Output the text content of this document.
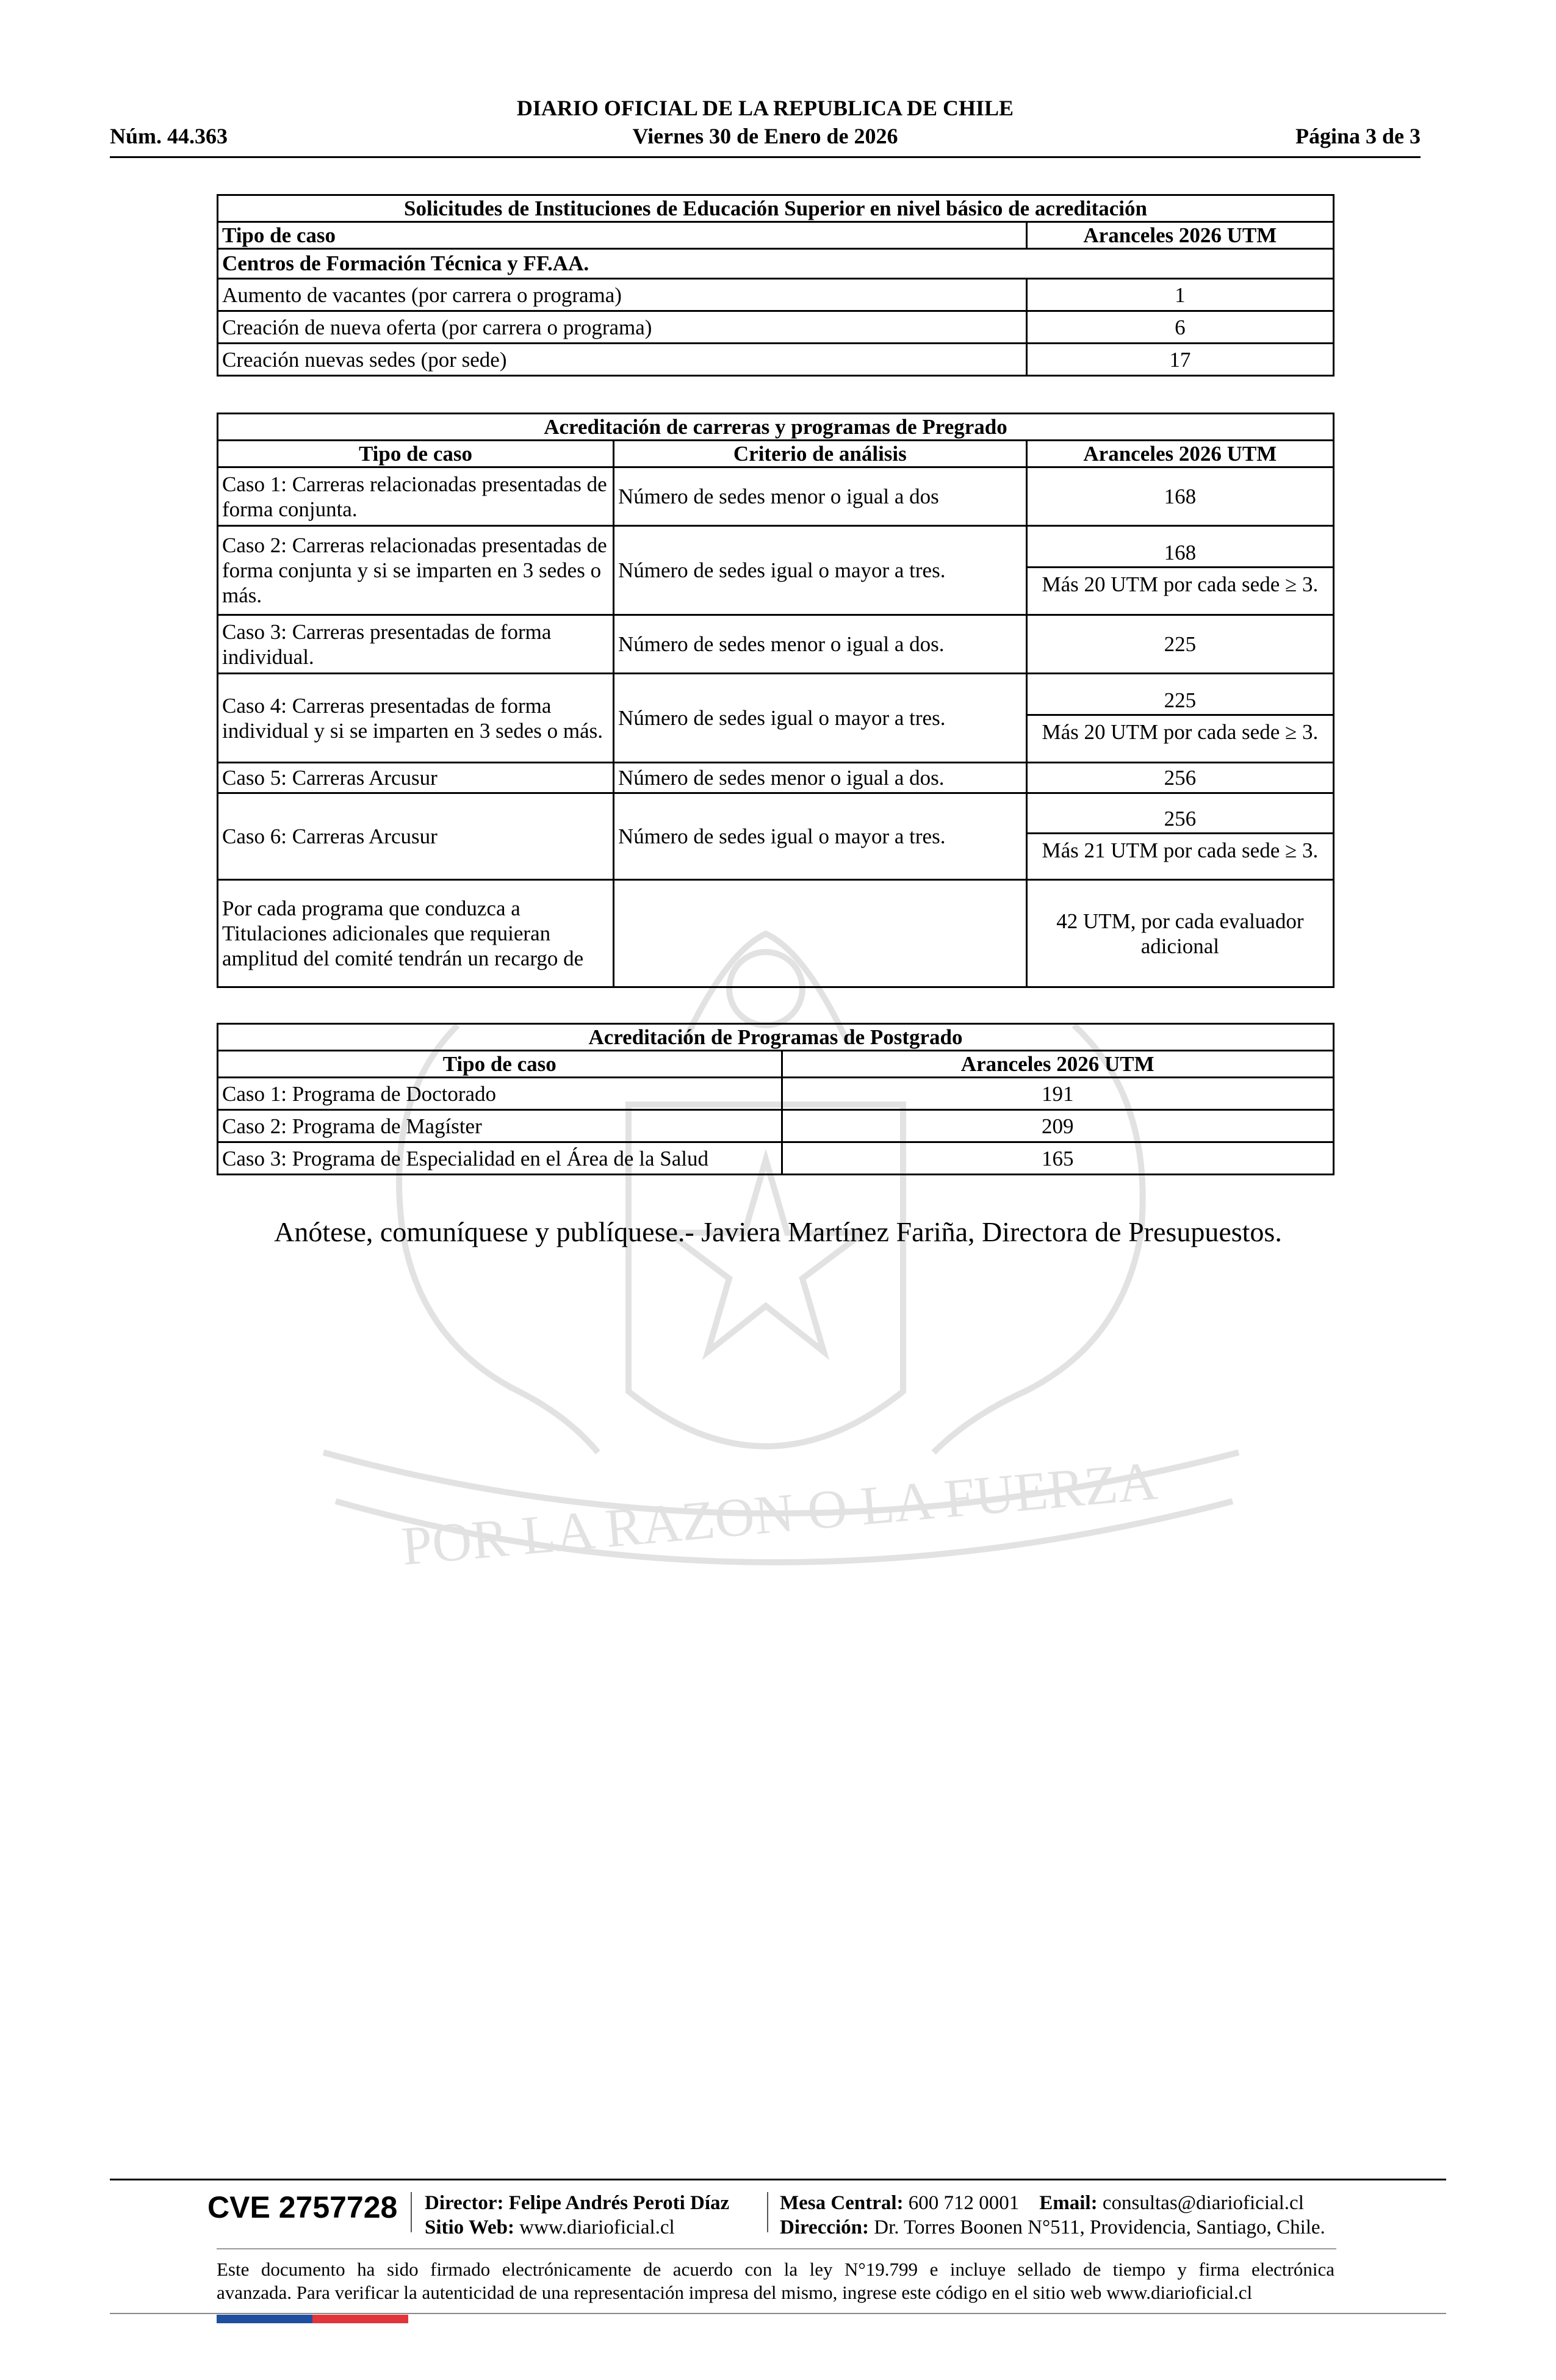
POR LA RAZON O LA FUERZA
DIARIO OFICIAL DE LA REPUBLICA DE CHILE
Núm. 44.363	Viernes 30 de Enero de 2026	Página 3 de 3
Solicitudes de Instituciones de Educación Superior en nivel básico de acreditación	
Tipo de caso	Aranceles 2026 UTM
Centros de Formación Técnica y FF.AA.	
Aumento de vacantes (por carrera o programa)	1
Creación de nueva oferta (por carrera o programa)	6
Creación nuevas sedes (por sede)	17
Acreditación de carreras y programas de Pregrado		
Tipo de caso	Criterio de análisis	Aranceles 2026 UTM
Caso 1: Carreras relacionadas presentadas de forma conjunta.	Número de sedes menor o igual a dos	168
Caso 2: Carreras relacionadas presentadas de forma conjunta y si se imparten en 3 sedes o más.	Número de sedes igual o mayor a tres.	168
Más 20 UTM por cada sede ≥ 3.

Caso 3: Carreras presentadas de forma individual.	Número de sedes menor o igual a dos.	225
Caso 4: Carreras presentadas de forma individual y si se imparten en 3 sedes o más.	Número de sedes igual o mayor a tres.	225
Más 20 UTM por cada sede ≥ 3.

Caso 5: Carreras Arcusur	Número de sedes menor o igual a dos.	256
Caso 6: Carreras Arcusur	Número de sedes igual o mayor a tres.	256
Más 21 UTM por cada sede ≥ 3.

Por cada programa que conduzca a Titulaciones adicionales que requieran amplitud del comité tendrán un recargo de		42 UTM, por cada evaluador adicional
Acreditación de Programas de Postgrado	
Tipo de caso	Aranceles 2026 UTM
Caso 1: Programa de Doctorado	191
Caso 2: Programa de Magíster	209
Caso 3: Programa de Especialidad en el Área de la Salud	165
Anótese, comuníquese y publíquese.- Javiera Martínez Fariña, Directora de Presupuestos.
CVE 2757728 Director: Felipe Andrés Peroti Díaz
Sitio Web: www.diarioficial.cl
Mesa Central: 600 712 0001 Email: consultas@diarioficial.cl
Dirección: Dr. Torres Boonen N°511, Providencia, Santiago, Chile.
Este documento ha sido firmado electrónicamente de acuerdo con la ley N°19.799 e incluye sellado de tiempo y firma electrónica
avanzada. Para verificar la autenticidad de una representación impresa del mismo, ingrese este código en el sitio web www.diarioficial.cl
